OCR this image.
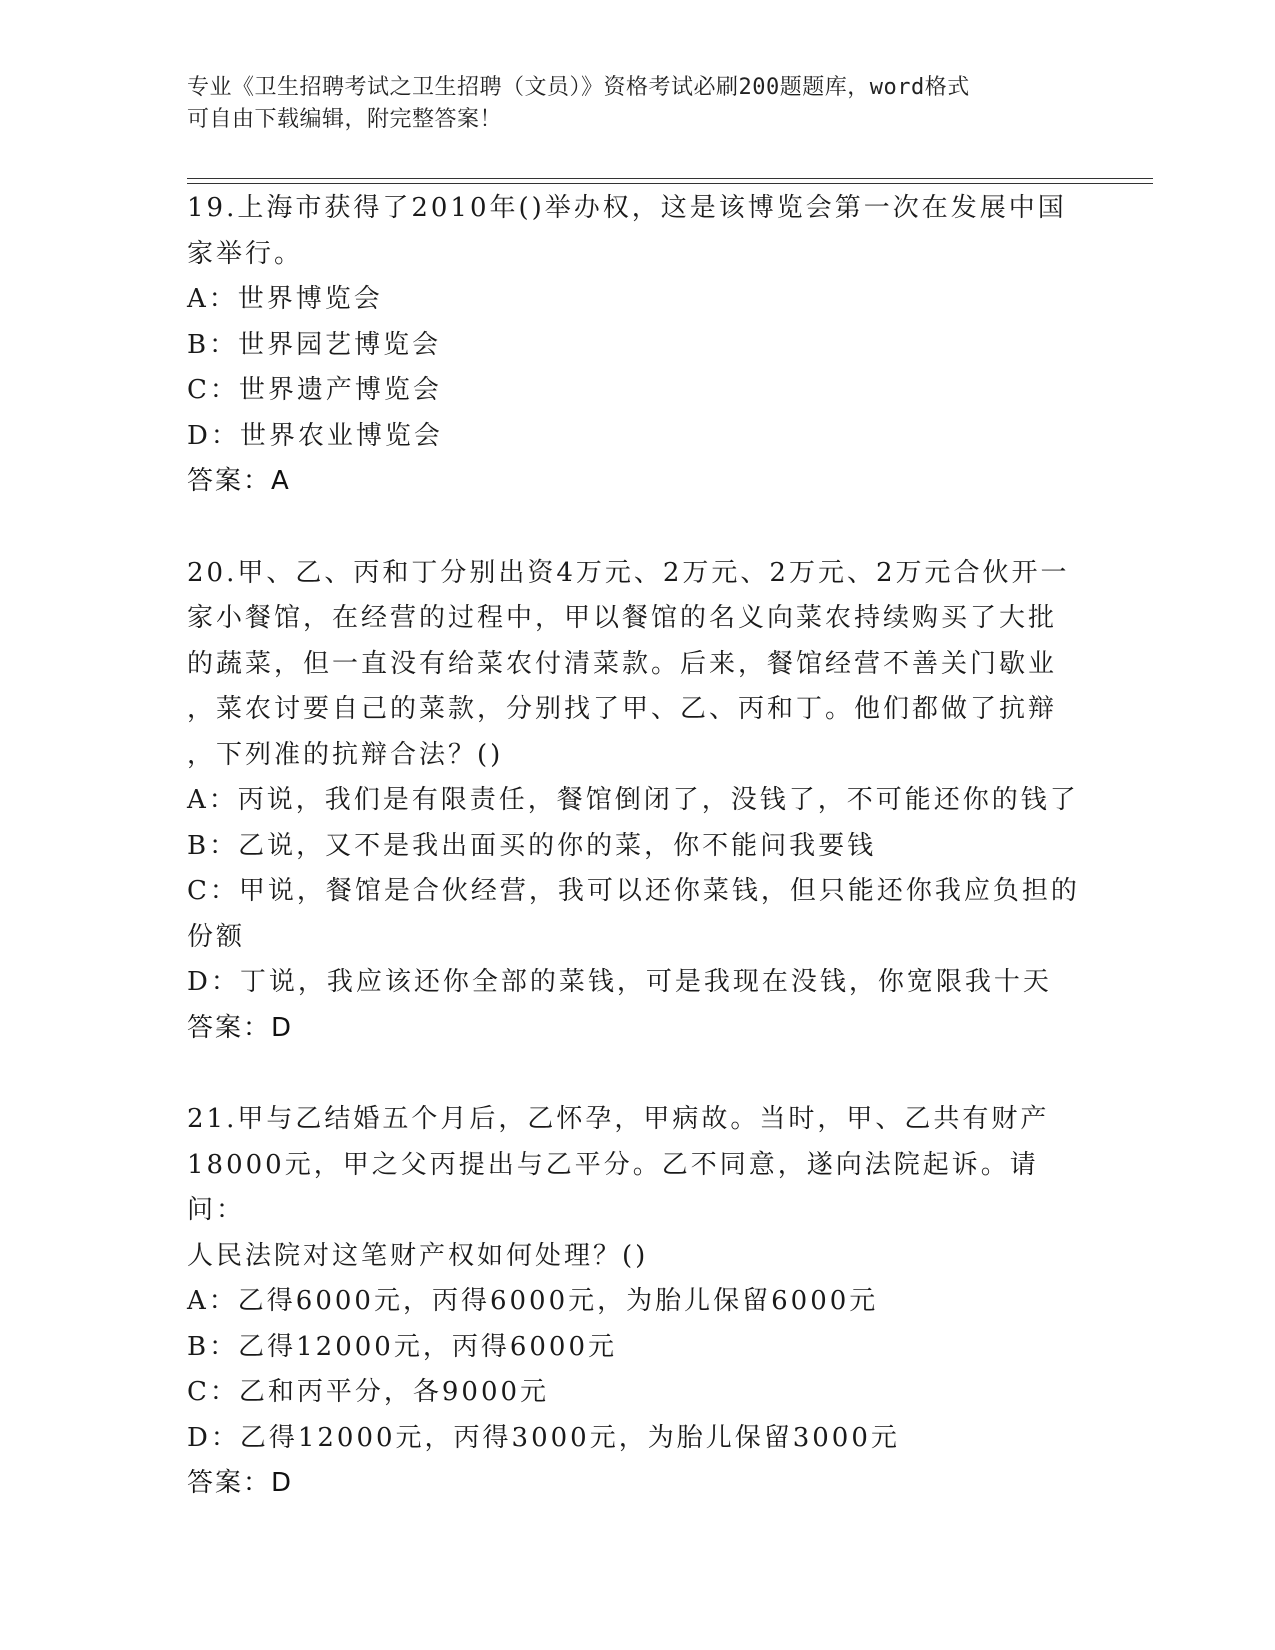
专业《卫生招聘考试之卫生招聘（文员）》资格考试必刷200题题库，word格式

可自由下载编辑，附完整答案！

19.上海市获得了2010年()举办权，这是该博览会第一次在发展中国

家举行。

A：世界博览会

B：世界园艺博览会

C：世界遗产博览会

D：世界农业博览会

答案：A

20.甲、乙、丙和丁分别出资4万元、2万元、2万元、2万元合伙开一

家小餐馆，在经营的过程中，甲以餐馆的名义向菜农持续购买了大批

的蔬菜，但一直没有给菜农付清菜款。后来，餐馆经营不善关门歇业

，菜农讨要自己的菜款，分别找了甲、乙、丙和丁。他们都做了抗辩

，下列准的抗辩合法？()

A：丙说，我们是有限责任，餐馆倒闭了，没钱了，不可能还你的钱了

B：乙说，又不是我出面买的你的菜，你不能问我要钱

C：甲说，餐馆是合伙经营，我可以还你菜钱，但只能还你我应负担的

份额

D：丁说，我应该还你全部的菜钱，可是我现在没钱，你宽限我十天

答案：D

21.甲与乙结婚五个月后，乙怀孕，甲病故。当时，甲、乙共有财产

18000元，甲之父丙提出与乙平分。乙不同意，遂向法院起诉。请问：

人民法院对这笔财产权如何处理？()

A：乙得6000元，丙得6000元，为胎儿保留6000元

B：乙得12000元，丙得6000元

C：乙和丙平分，各9000元

D：乙得12000元，丙得3000元，为胎儿保留3000元

答案：D
